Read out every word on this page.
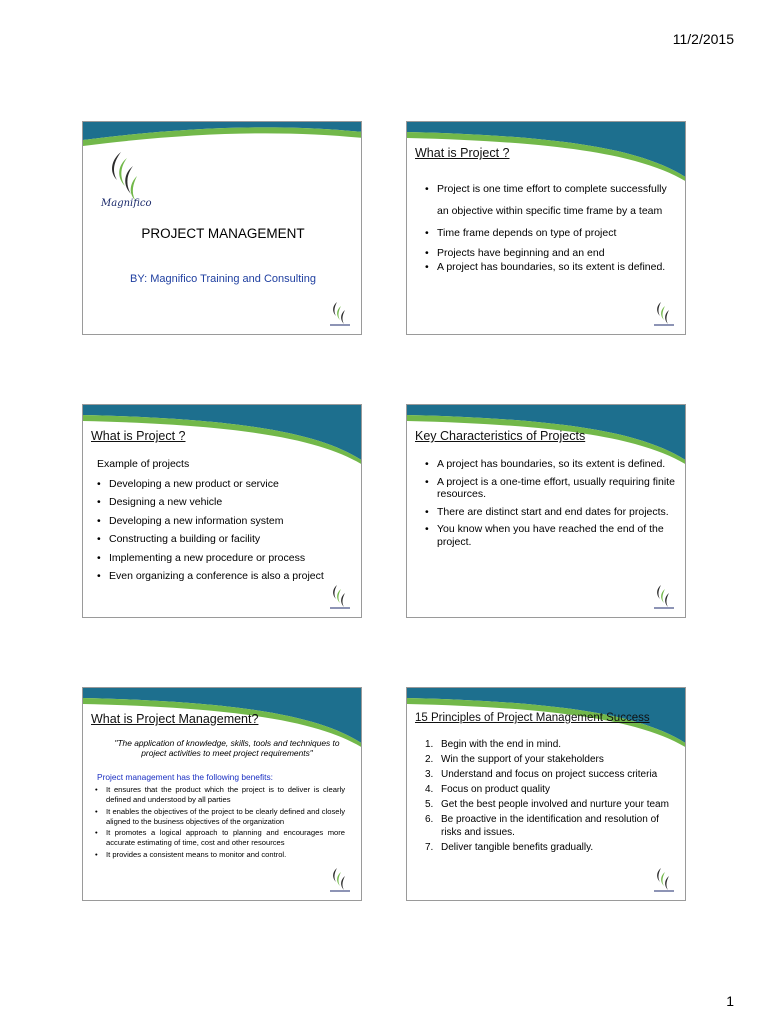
11/2/2015
Magnifico
PROJECT MANAGEMENT
BY: Magnifico Training and Consulting
What is Project ?
• Project is one time effort to complete successfully an objective within specific time frame by a team
• Time frame depends on type of project
• Projects have beginning and an end
• A project has boundaries, so its extent is defined.
What is Project ?
Example of projects
• Developing a new product or service
• Designing a new vehicle
• Developing a new information system
• Constructing a building or facility
• Implementing a new procedure or process
• Even organizing a conference is also a project
Key Characteristics of Projects
• A project has boundaries, so its extent is defined.
• A project is a one-time effort, usually requiring finite resources.
• There are distinct start and end dates for projects.
• You know when you have reached the end of the project.
What is Project Management?
"The application of knowledge, skills, tools and techniques to project activities to meet project requirements"
Project management has the following benefits:
• It ensures that the product which the project is to deliver is clearly defined and understood by all parties
• It enables the objectives of the project to be clearly defined and closely aligned to the business objectives of the organization
• It promotes a logical approach to planning and encourages more accurate estimating of time, cost and other resources
• It provides a consistent means to monitor and control.
15 Principles of Project Management Success
1. Begin with the end in mind.
2. Win the support of your stakeholders
3. Understand and focus on project success criteria
4. Focus on product quality
5. Get the best people involved and nurture your team
6. Be proactive in the identification and resolution of risks and issues.
7. Deliver tangible benefits gradually.
1
